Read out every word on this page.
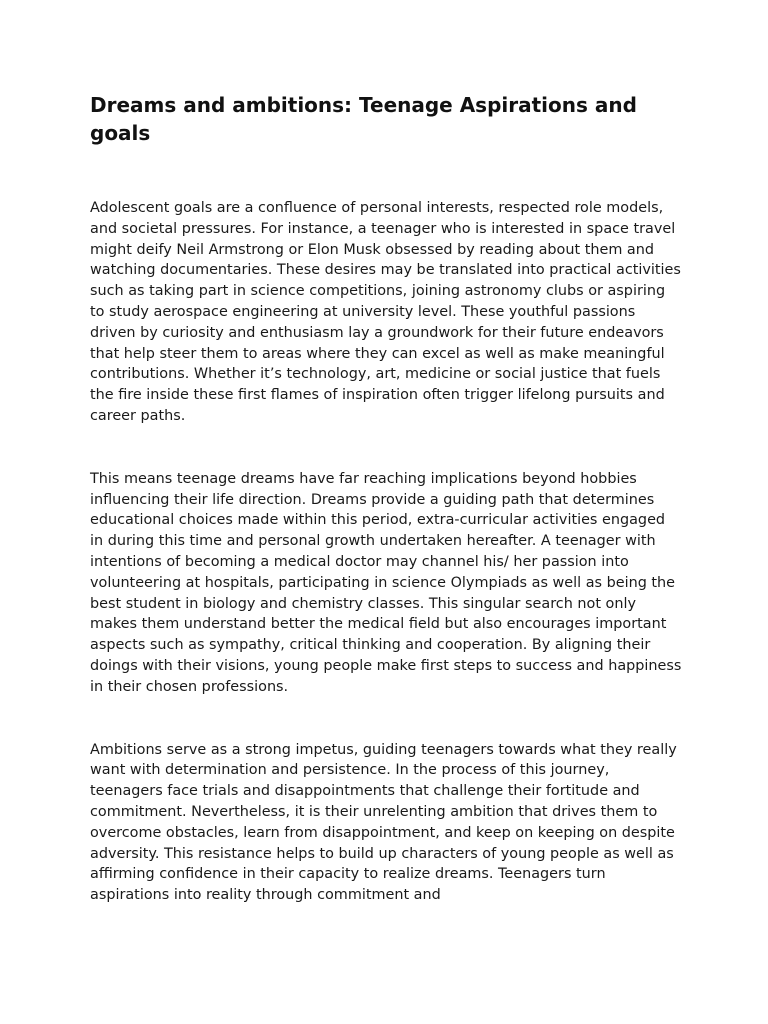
Dreams and ambitions: Teenage Aspirations and goals

Adolescent goals are a confluence of personal interests, respected role models, and societal pressures. For instance, a teenager who is interested in space travel might deify Neil Armstrong or Elon Musk obsessed by reading about them and watching documentaries. These desires may be translated into practical activities such as taking part in science competitions, joining astronomy clubs or aspiring to study aerospace engineering at university level. These youthful passions driven by curiosity and enthusiasm lay a groundwork for their future endeavors that help steer them to areas where they can excel as well as make meaningful contributions. Whether it’s technology, art, medicine or social justice that fuels the fire inside these first flames of inspiration often trigger lifelong pursuits and career paths.

This means teenage dreams have far reaching implications beyond hobbies influencing their life direction. Dreams provide a guiding path that determines educational choices made within this period, extra-curricular activities engaged in during this time and personal growth undertaken hereafter. A teenager with intentions of becoming a medical doctor may channel his/ her passion into volunteering at hospitals, participating in science Olympiads as well as being the best student in biology and chemistry classes. This singular search not only makes them understand better the medical field but also encourages important aspects such as sympathy, critical thinking and cooperation. By aligning their doings with their visions, young people make first steps to success and happiness in their chosen professions.

Ambitions serve as a strong impetus, guiding teenagers towards what they really want with determination and persistence. In the process of this journey, teenagers face trials and disappointments that challenge their fortitude and commitment. Nevertheless, it is their unrelenting ambition that drives them to overcome obstacles, learn from disappointment, and keep on keeping on despite adversity. This resistance helps to build up characters of young people as well as affirming confidence in their capacity to realize dreams. Teenagers turn aspirations into reality through commitment and
